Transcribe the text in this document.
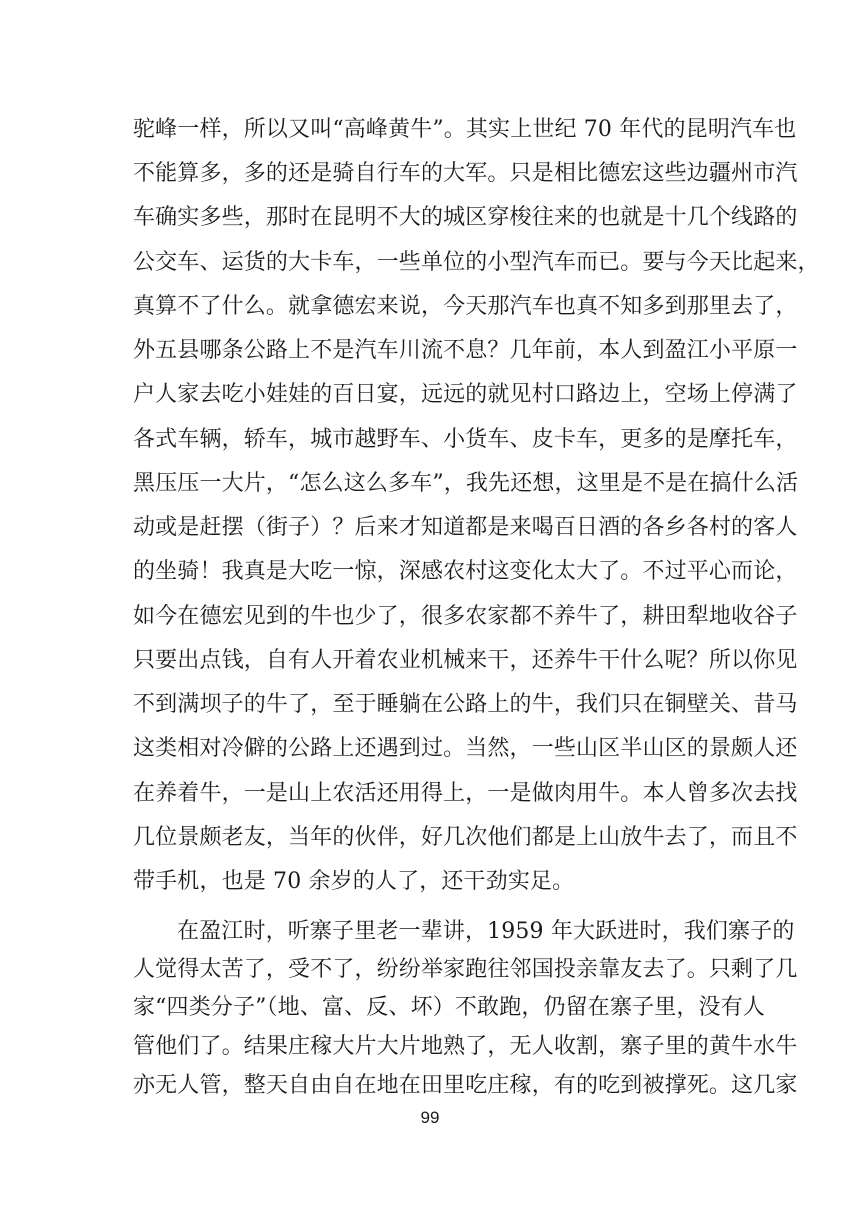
驼峰一样，所以又叫“高峰黄牛”。其实上世纪 70 年代的昆明汽车也
不能算多，多的还是骑自行车的大军。只是相比德宏这些边疆州市汽
车确实多些，那时在昆明不大的城区穿梭往来的也就是十几个线路的
公交车、运货的大卡车，一些单位的小型汽车而已。要与今天比起来，
真算不了什么。就拿德宏来说，今天那汽车也真不知多到那里去了，
外五县哪条公路上不是汽车川流不息？几年前，本人到盈江小平原一
户人家去吃小娃娃的百日宴，远远的就见村口路边上，空场上停满了
各式车辆，轿车，城市越野车、小货车、皮卡车，更多的是摩托车，
黑压压一大片，“怎么这么多车”，我先还想，这里是不是在搞什么活
动或是赶摆（街子）？后来才知道都是来喝百日酒的各乡各村的客人
的坐骑！我真是大吃一惊，深感农村这变化太大了。不过平心而论，
如今在德宏见到的牛也少了，很多农家都不养牛了，耕田犁地收谷子
只要出点钱，自有人开着农业机械来干，还养牛干什么呢？所以你见
不到满坝子的牛了，至于睡躺在公路上的牛，我们只在铜壁关、昔马
这类相对冷僻的公路上还遇到过。当然，一些山区半山区的景颇人还
在养着牛，一是山上农活还用得上，一是做肉用牛。本人曾多次去找
几位景颇老友，当年的伙伴，好几次他们都是上山放牛去了，而且不
带手机，也是 70 余岁的人了，还干劲实足。
在盈江时，听寨子里老一辈讲，1959 年大跃进时，我们寨子的
人觉得太苦了，受不了，纷纷举家跑往邻国投亲靠友去了。只剩了几
家“四类分子”（地、富、反、坏）不敢跑，仍留在寨子里，没有人
管他们了。结果庄稼大片大片地熟了，无人收割，寨子里的黄牛水牛
亦无人管，整天自由自在地在田里吃庄稼，有的吃到被撑死。这几家
99
